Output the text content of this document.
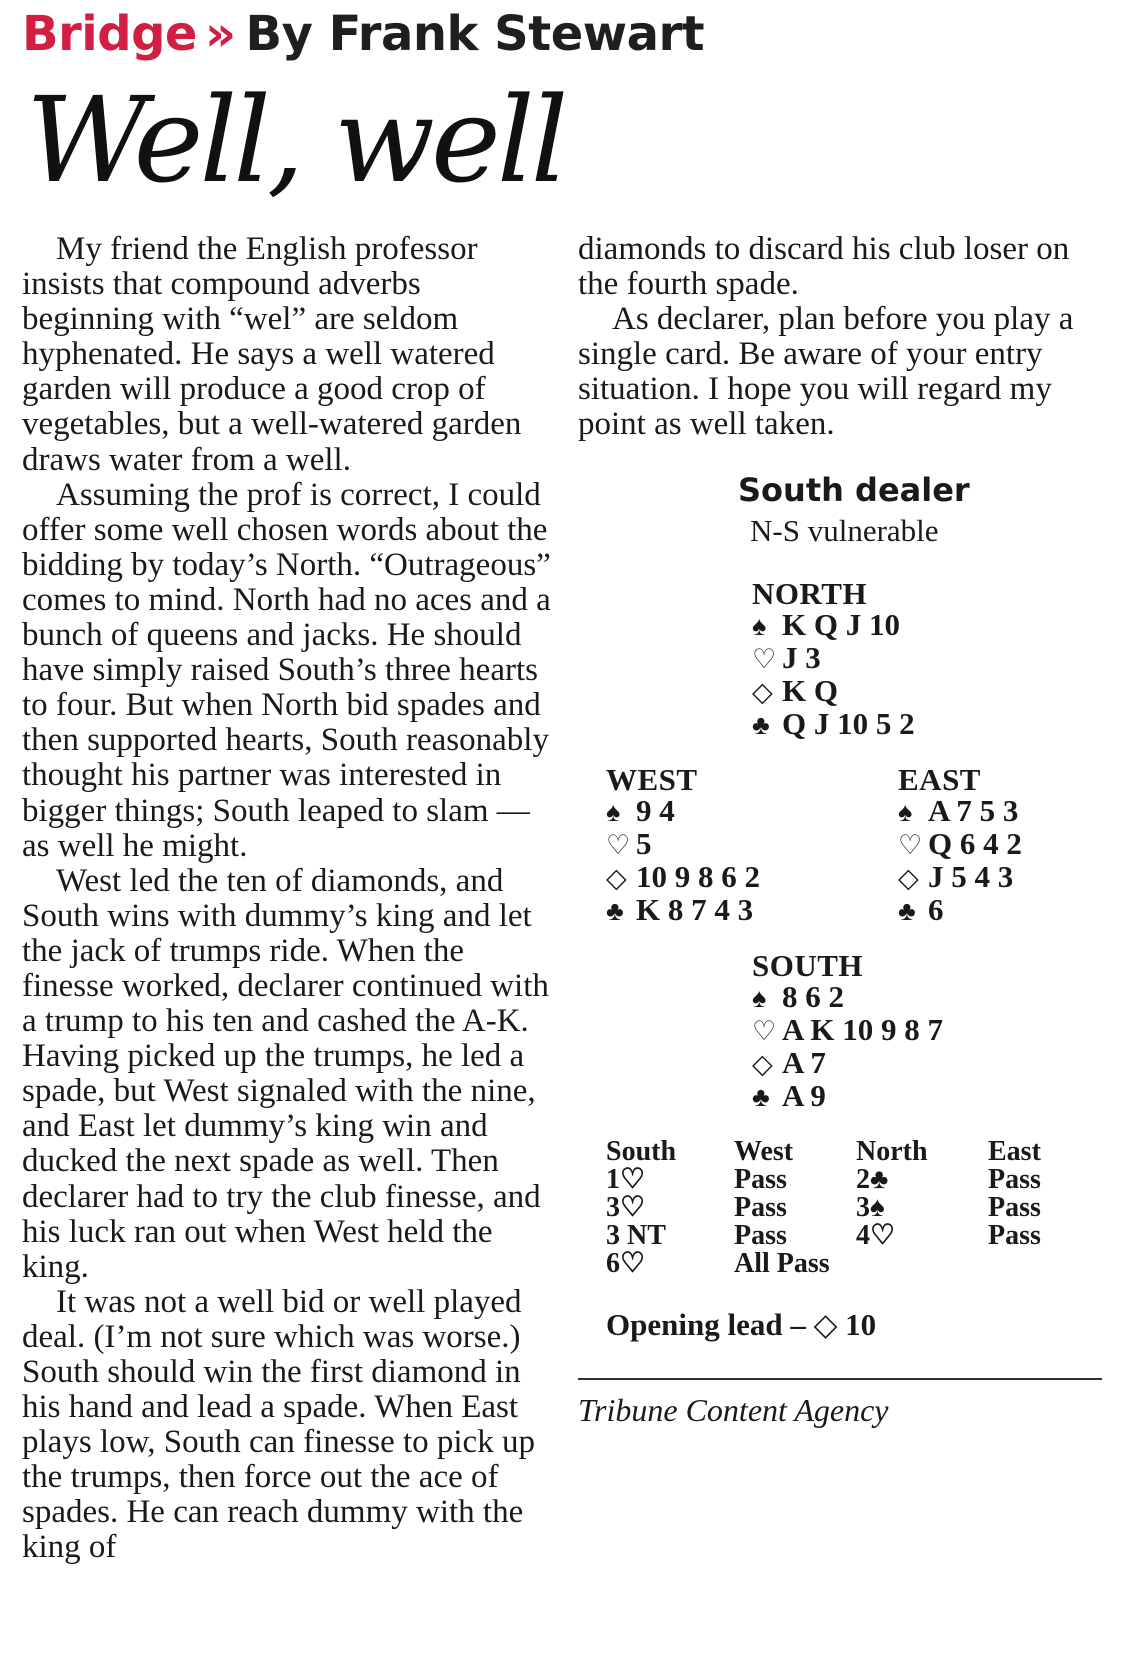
Bridge » By Frank Stewart
Well, well

My friend the English professor insists that compound adverbs beginning with “wel” are seldom hyphenated. He says a well watered garden will produce a good crop of vegetables, but a well-watered garden draws water from a well.

Assuming the prof is correct, I could offer some well chosen words about the bidding by today’s North. “Outrageous” comes to mind. North had no aces and a bunch of queens and jacks. He should have simply raised South’s three hearts to four. But when North bid spades and then supported hearts, South reasonably thought his partner was interested in bigger things; South leaped to slam — as well he might.

West led the ten of diamonds, and South wins with dummy’s king and let the jack of trumps ride. When the finesse worked, declarer continued with a trump to his ten and cashed the A-K. Having picked up the trumps, he led a spade, but West signaled with the nine, and East let dummy’s king win and ducked the next spade as well. Then declarer had to try the club finesse, and his luck ran out when West held the king.

It was not a well bid or well played deal. (I’m not sure which was worse.) South should win the first diamond in his hand and lead a spade. When East plays low, South can finesse to pick up the trumps, then force out the ace of spades. He can reach dummy with the king of

diamonds to discard his club loser on the fourth spade.

As declarer, plan before you play a single card. Be aware of your entry situation. I hope you will regard my point as well taken.

South dealer
N-S vulnerable
NORTH
♠ K Q J 10
♡ J 3
◇ K Q
♣ Q J 10 5 2
WEST
♠ 9 4
♡ 5
◇ 10 9 8 6 2
♣ K 8 7 4 3
EAST
♠ A 7 5 3
♡ Q 6 4 2
◇ J 5 4 3
♣ 6
SOUTH
♠ 8 6 2
♡ A K 10 9 8 7
◇ A 7
♣ A 9
South
1♡
3♡
3 NT
6♡
West
Pass
Pass
Pass
All Pass
North
2♣
3♠
4♡
East
Pass
Pass
Pass
Opening lead – ◇ 10
Tribune Content Agency
